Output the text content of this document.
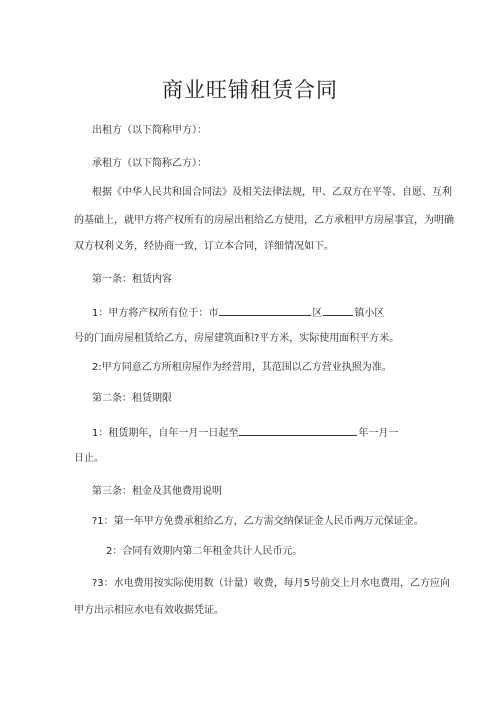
商业旺铺租赁合同
出租方（以下简称甲方）：
承租方（以下简称乙方）：
根据《中华人民共和国合同法》及相关法律法规，甲、乙双方在平等、自愿、互利
的基础上，就甲方将产权所有的房屋出租给乙方使用，乙方承租甲方房屋事宜，为明确
双方权利义务，经协商一致，订立本合同，详细情况如下。
第一条：租赁内容
1：甲方将产权所有位于：市	区	镇小区
号的门面房屋租赁给乙方，房屋建筑面积?平方米，实际使用面积平方米。
2:甲方同意乙方所租房屋作为经营用，其范围以乙方营业执照为准。
第二条：租赁期限
1：租赁期年，自年一月一日起至	年一月一
日止。
第三条：租金及其他费用说明
?1：第一年甲方免费承租给乙方，乙方需交纳保证金人民币两万元保证金。
2：合同有效期内第二年租金共计人民币元。
?3：水电费用按实际使用数（计量）收费，每月5号前交上月水电费用，乙方应向
甲方出示相应水电有效收据凭证。
